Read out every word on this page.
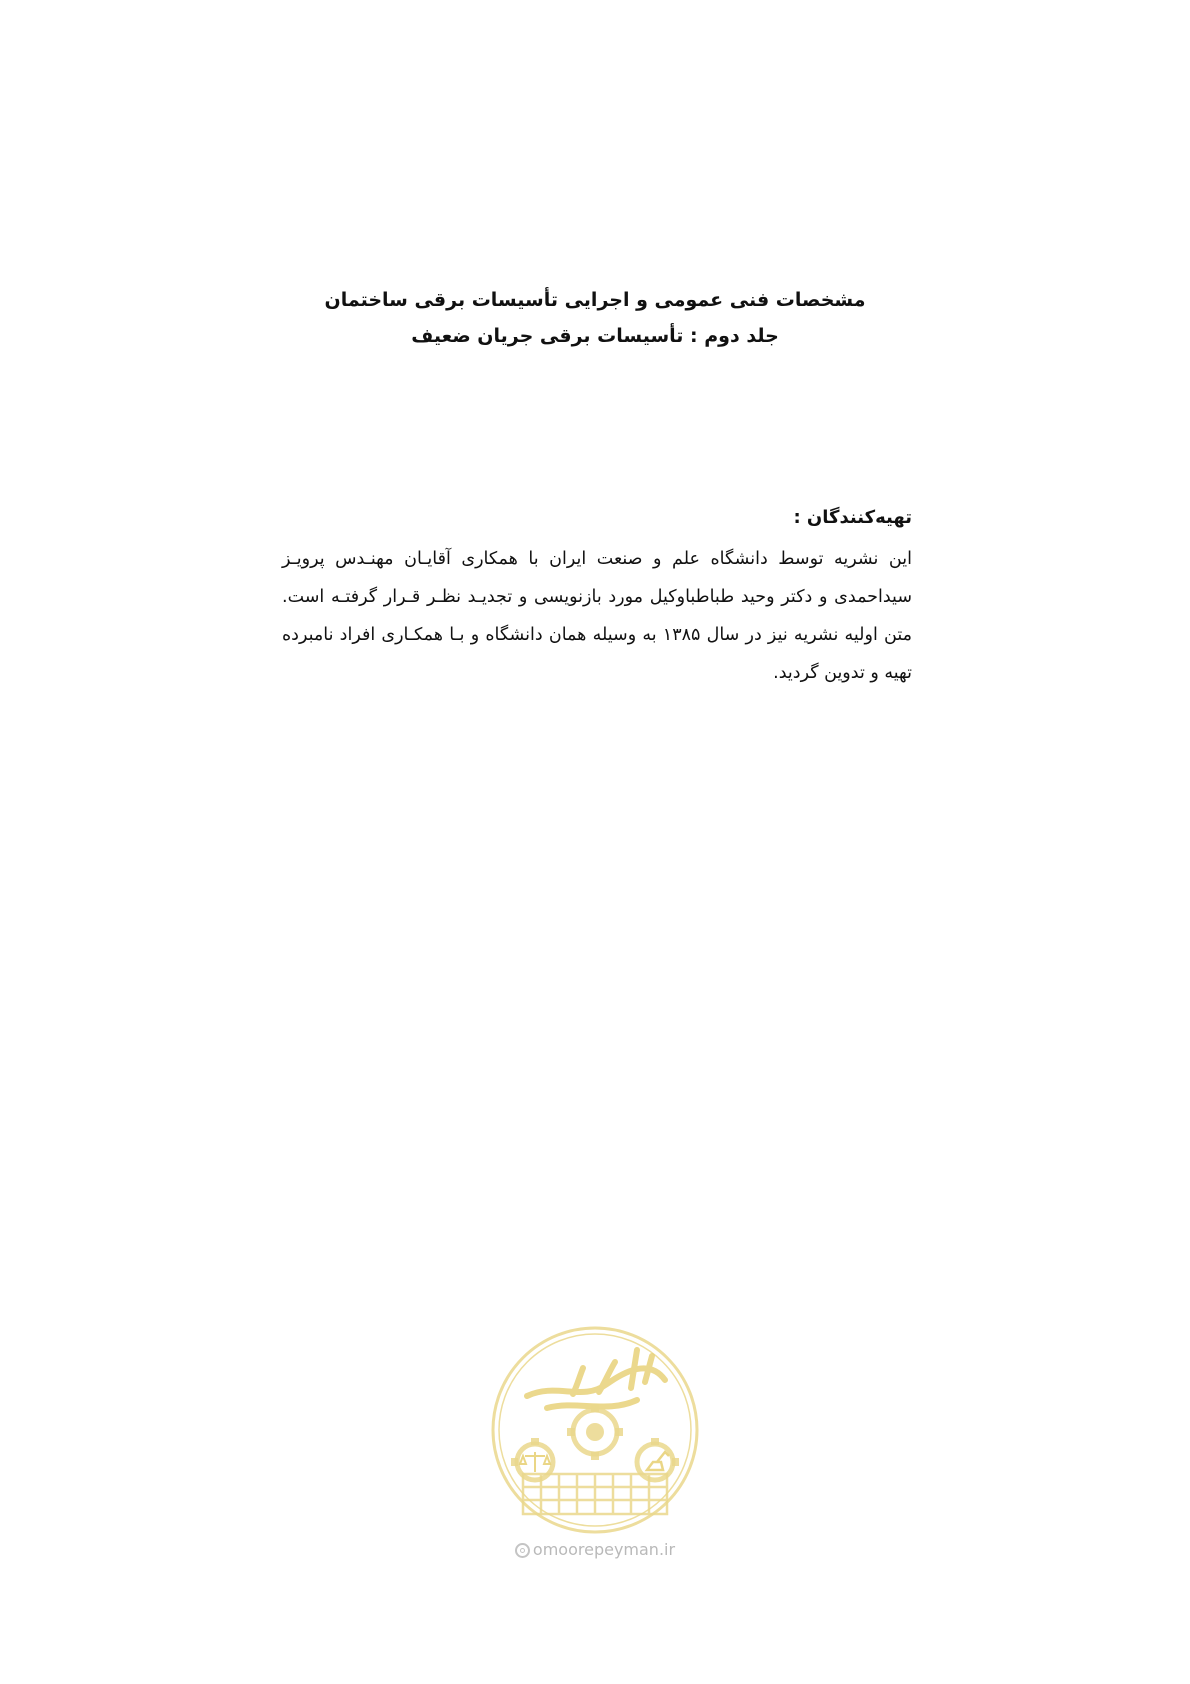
مشخصات فنی عمومی و اجرایی تأسیسات برقی ساختمان

جلد دوم : تأسیسات برقی جریان ضعیف

تهیه‌کنندگان :

این نشریه توسط دانشگاه علم و صنعت ایران با همکاری آقایـان مهنـدس پرویـز سیداحمدی و دکتر وحید طباطباوکیل مورد بازنویسی و تجدیـد نظـر قـرار گرفتـه است. متن اولیه نشریه نیز در سال ۱۳۸۵ به وسیله همان دانشگاه و بـا همکـاری افراد نامبرده تهیه و تدوین گردید.

omoorepeyman.ir
